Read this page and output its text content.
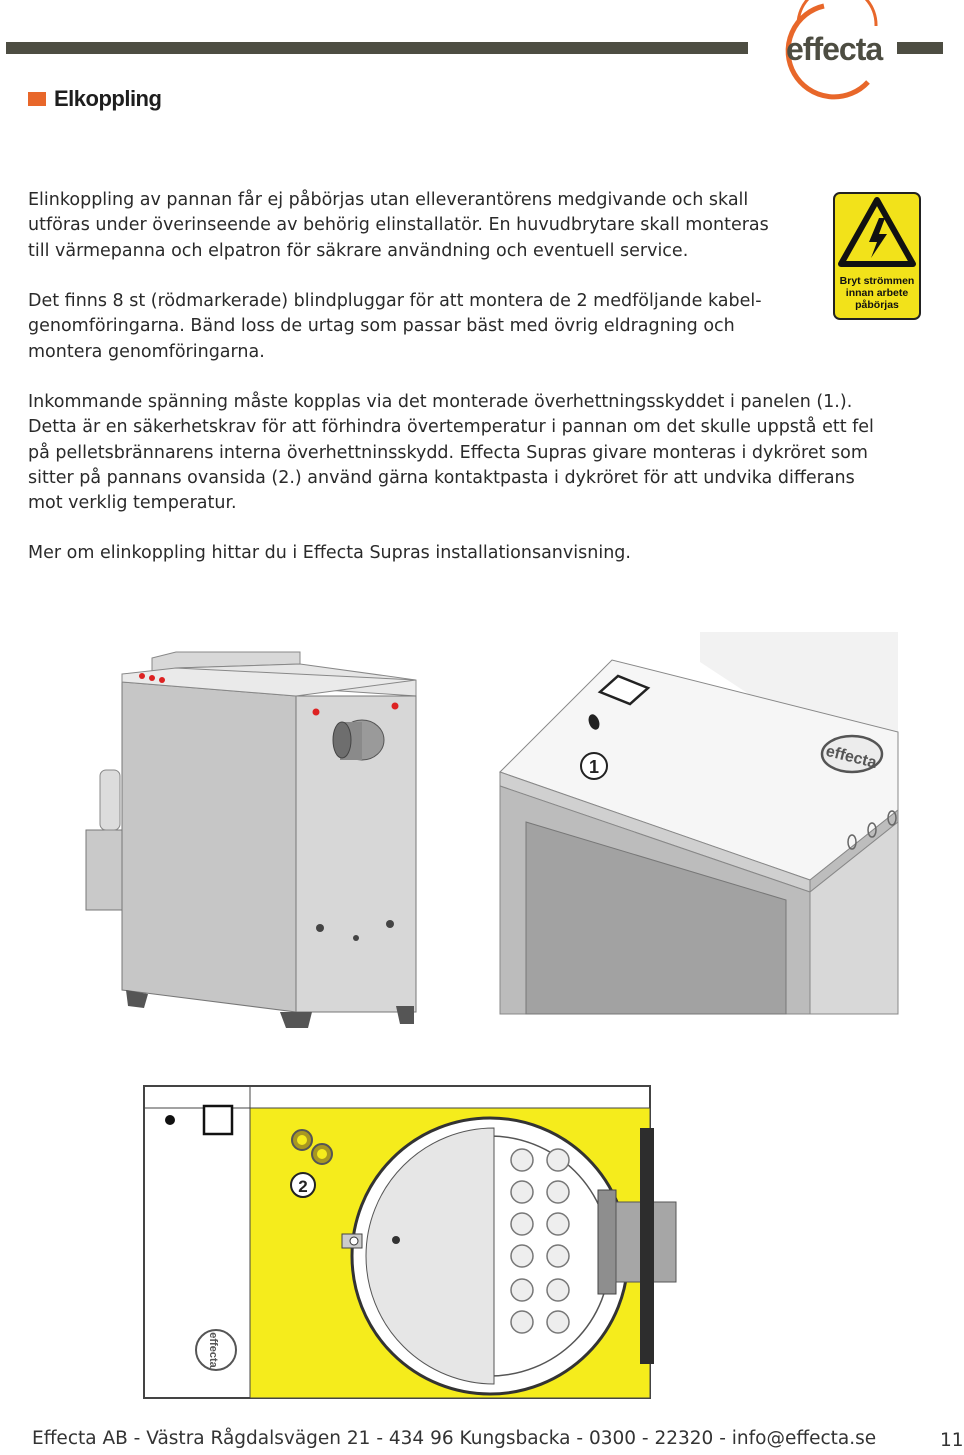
effecta
Elkoppling

Elinkoppling av pannan får ej påbörjas utan elleverantörens medgivande och skall
utföras under överinseende av behörig elinstallatör. En huvudbrytare skall monteras
till värmepanna och elpatron för säkrare användning och eventuell service.

Det finns 8 st (rödmarkerade) blindpluggar för att montera de 2 medföljande kabel-
genomföringarna. Bänd loss de urtag som passar bäst med övrig eldragning och
montera genomföringarna.

Inkommande spänning måste kopplas via det monterade överhettningsskyddet i panelen (1.).
Detta är en säkerhetskrav för att förhindra övertemperatur i pannan om det skulle uppstå ett fel
på pelletsbrännarens interna överhettninsskydd. Effecta Supras givare monteras i dykröret som
sitter på pannans ovansida (2.) använd gärna kontaktpasta i dykröret för att undvika differans
mot verklig temperatur.

Mer om elinkoppling hittar du i Effecta Supras installationsanvisning.

Bryt strömmen
innan arbete
påbörjas
1	effecta
2
effecta
Effecta AB - Västra Rågdalsvägen 21 - 434 96 Kungsbacka - 0300 - 22320 - info@effecta.se	11
